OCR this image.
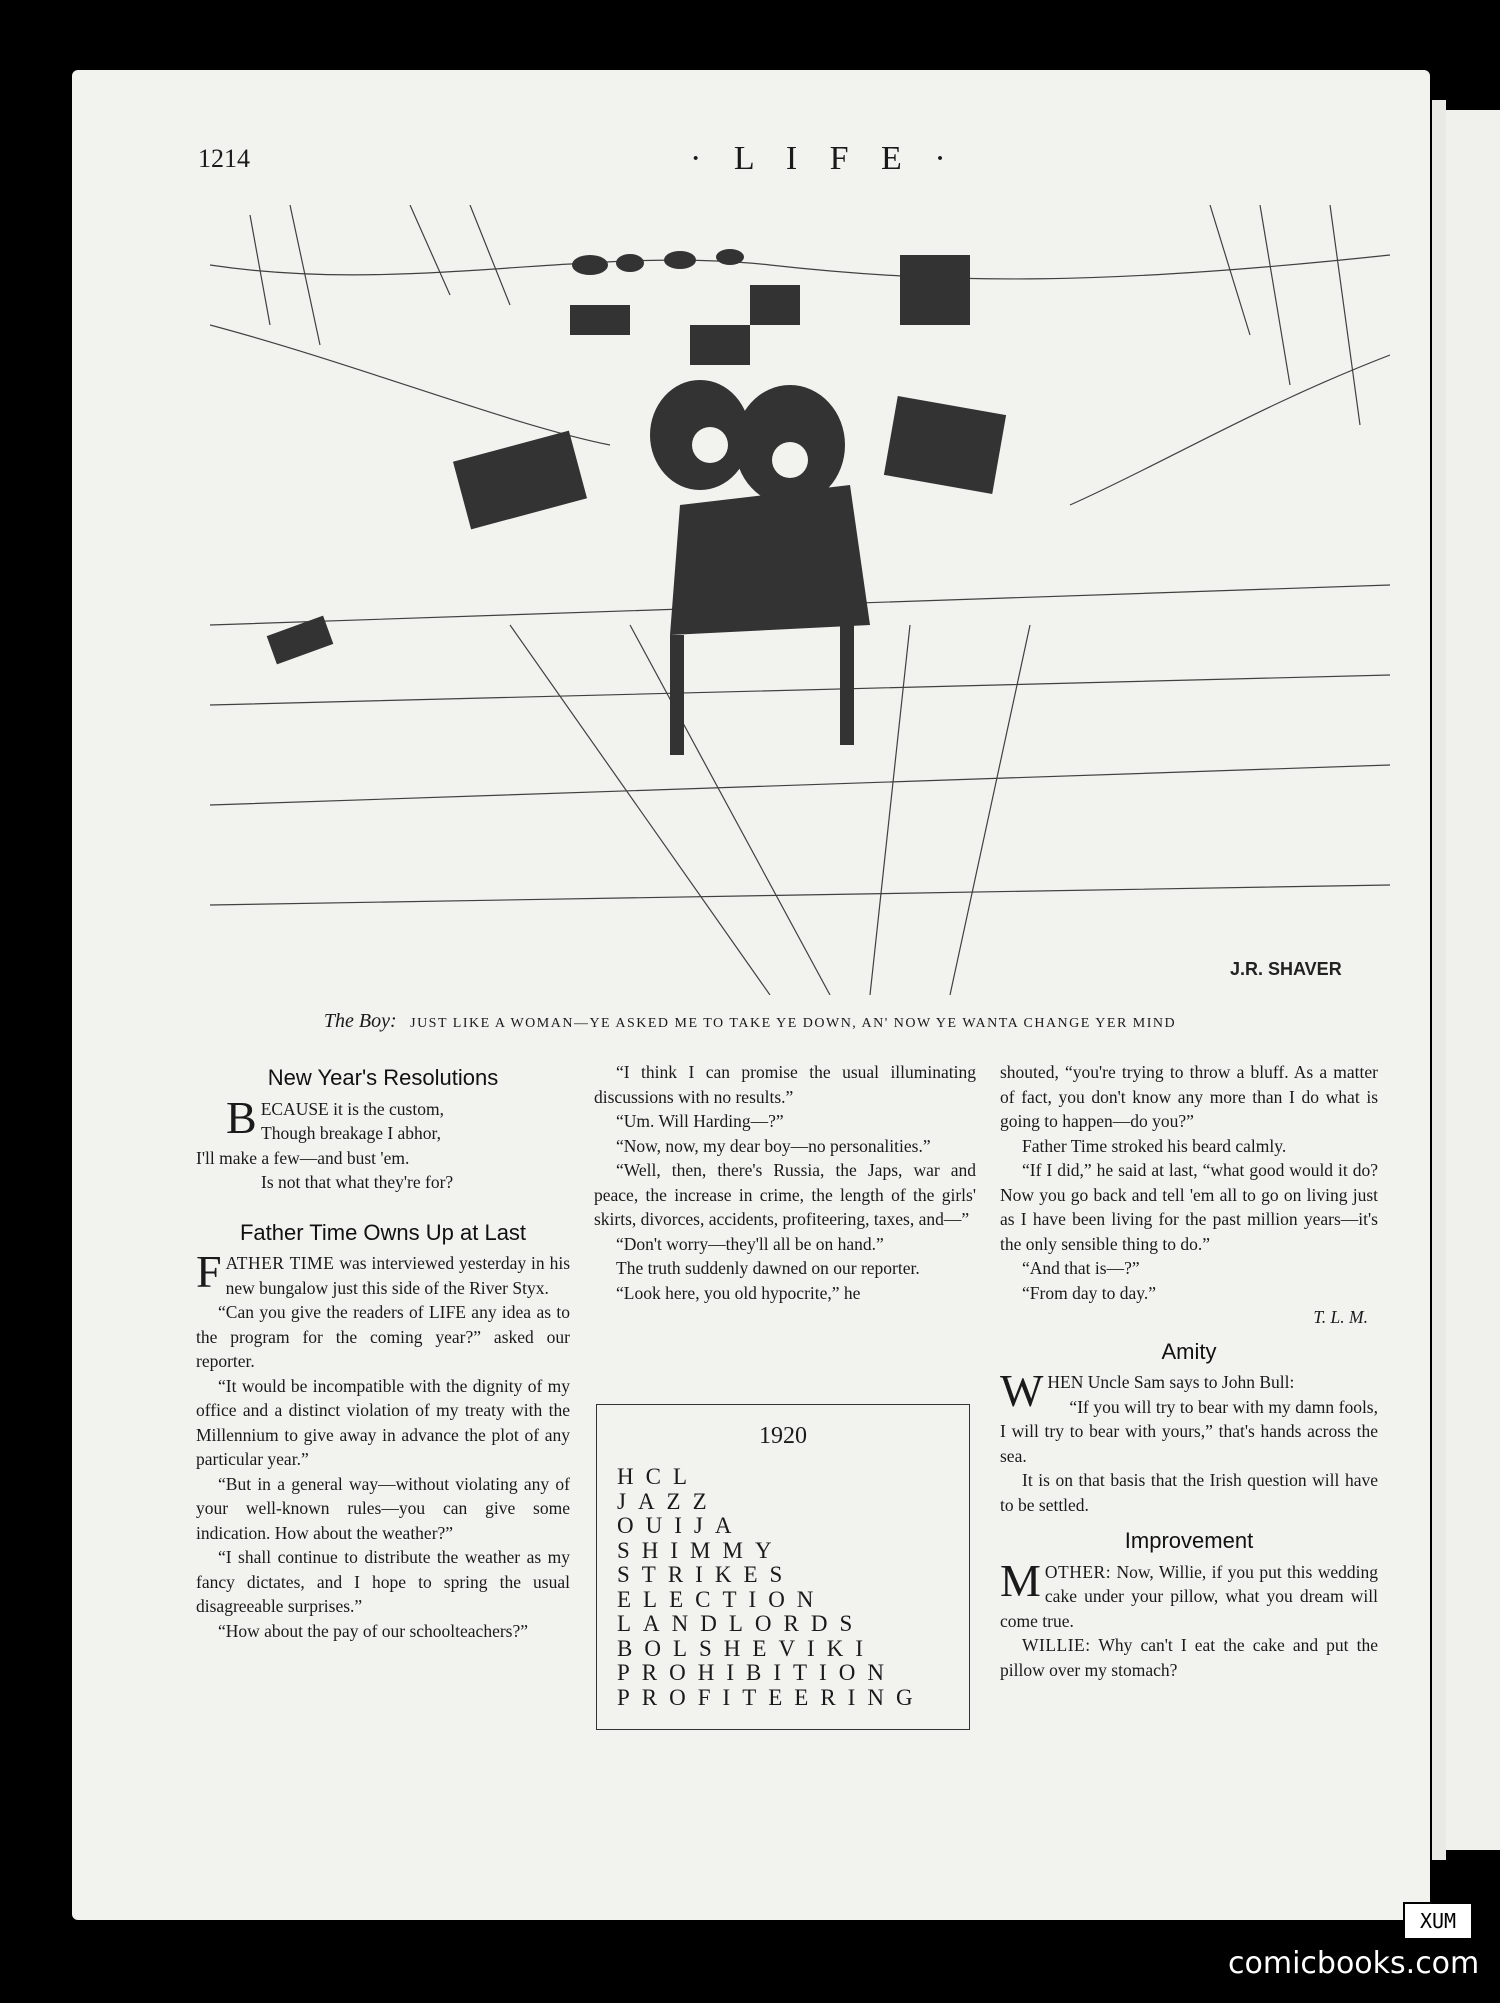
1214	· L I F E ·
J.R. SHAVER
The Boy: JUST LIKE A WOMAN—YE ASKED ME TO TAKE YE DOWN, AN' NOW YE WANTA CHANGE YER MIND
New Year's Resolutions
B ECAUSE it is the custom,

Though breakage I abhor,

I'll make a few—and bust 'em.

Is not that what they're for?

Father Time Owns Up at Last

FATHER TIME was interviewed yesterday in his new bungalow just this side of the River Styx.

“Can you give the readers of LIFE any idea as to the program for the coming year?” asked our reporter.

“It would be incompatible with the dignity of my office and a distinct violation of my treaty with the Millennium to give away in advance the plot of any particular year.”

“But in a general way—without violating any of your well-known rules—you can give some indication. How about the weather?”

“I shall continue to distribute the weather as my fancy dictates, and I hope to spring the usual disagreeable surprises.”

“How about the pay of our schoolteachers?”

“I think I can promise the usual illuminating discussions with no results.”

“Um. Will Harding—?”

“Now, now, my dear boy—no personalities.”

“Well, then, there's Russia, the Japs, war and peace, the increase in crime, the length of the girls' skirts, divorces, accidents, profiteering, taxes, and—”

“Don't worry—they'll all be on hand.”

The truth suddenly dawned on our reporter.

“Look here, you old hypocrite,” he

1920
HCL
JAZZ
OUIJA
SHIMMY
STRIKES
ELECTION
LANDLORDS
BOLSHEVIKI
PROHIBITION
PROFITEERING

shouted, “you're trying to throw a bluff. As a matter of fact, you don't know any more than I do what is going to happen—do you?”

Father Time stroked his beard calmly.

“If I did,” he said at last, “what good would it do? Now you go back and tell 'em all to go on living just as I have been living for the past million years—it's the only sensible thing to do.”

“And that is—?”

“From day to day.”

T. L. M.

Amity

WHEN Uncle Sam says to John Bull:

“If you will try to bear with my damn fools, I will try to bear with yours,” that's hands across the sea.

It is on that basis that the Irish question will have to be settled.

Improvement

MOTHER: Now, Willie, if you put this wedding cake under your pillow, what you dream will come true.

WILLIE: Why can't I eat the cake and put the pillow over my stomach?

XUM
comicbooks.com
